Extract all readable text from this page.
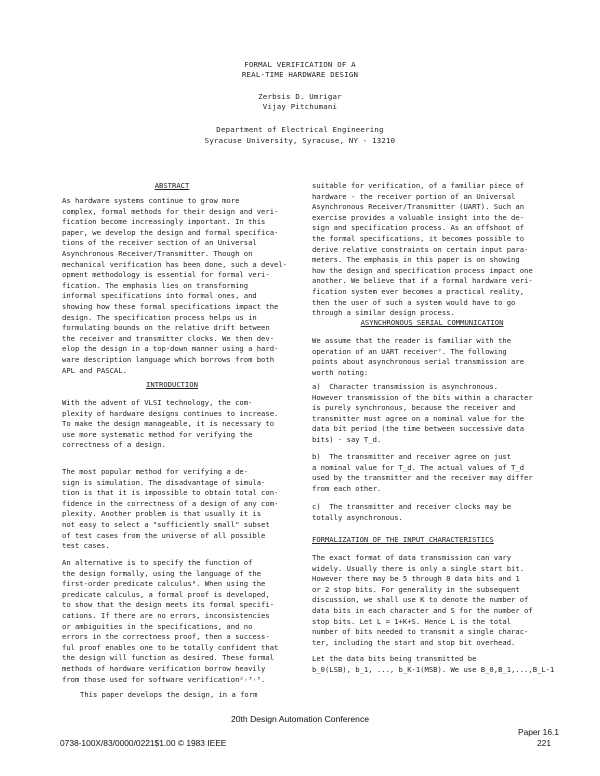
FORMAL VERIFICATION OF A
REAL-TIME HARDWARE DESIGN
Zerbsis D. Umrigar
Vijay Pitchumani
Department of Electrical Engineering
Syracuse University, Syracuse, NY - 13210
ABSTRACT
As hardware systems continue to grow more
complex, formal methods for their design and veri-
fication become increasingly important. In this
paper, we develop the design and formal specifica-
tions of the receiver section of an Universal
Asynchronous Receiver/Transmitter. Though on
mechanical verification has been done, such a devel-
opment methodology is essential for formal veri-
fication. The emphasis lies on transforming
informal specifications into formal ones, and
showing how these formal specifications impact the
design. The specification process helps us in
formulating bounds on the relative drift between
the receiver and transmitter clocks. We then dev-
elop the design in a top-down manner using a hard-
ware description language which borrows from both
APL and PASCAL.
INTRODUCTION
With the advent of VLSI technology, the com-
plexity of hardware designs continues to increase.
To make the design manageable, it is necessary to
use more systematic method for verifying the
correctness of a design.
The most popular method for verifying a de-
sign is simulation. The disadvantage of simula-
tion is that it is impossible to obtain total con-
fidence in the correctness of a design of any com-
plexity. Another problem is that usually it is
not easy to select a "sufficiently small" subset
of test cases from the universe of all possible
test cases.
An alternative is to specify the function of
the design formally, using the language of the
first-order predicate calculus⁶. When using the
predicate calculus, a formal proof is developed,
to show that the design meets its formal specifi-
cations. If there are no errors, inconsistencies
or ambiguities in the specifications, and no
errors in the correctness proof, then a success-
ful proof enables one to be totally confident that
the design will function as desired. These formal
methods of hardware verification borrow heavily
from those used for software verification²˒³˒⁵.
This paper develops the design, in a form
suitable for verification, of a familiar piece of
hardware - the receiver portion of an Universal
Asynchronous Receiver/Transmitter (UART). Such an
exercise provides a valuable insight into the de-
sign and specification process. As an offshoot of
the formal specifications, it becomes possible to
derive relative constraints on certain input para-
meters. The emphasis in this paper is on showing
how the design and specification process impact one
another. We believe that if a formal hardware veri-
fication system ever becomes a practical reality,
then the user of such a system would have to go
through a similar design process.
ASYNCHRONOUS SERIAL COMMUNICATION
We assume that the reader is familiar with the
operation of an UART receiver⁷. The following
points about asynchronous serial transmission are
worth noting:
a)  Character transmission is asynchronous.
However transmission of the bits within a character
is purely synchronous, because the receiver and
transmitter must agree on a nominal value for the
data bit period (the time between successive data
bits) - say T_d.
b)  The transmitter and receiver agree on just
a nominal value for T_d. The actual values of T_d
used by the transmitter and the receiver may differ
from each other.
c)  The transmitter and receiver clocks may be
totally asynchronous.
FORMALIZATION OF THE INPUT CHARACTERISTICS
The exact format of data transmission can vary
widely. Usually there is only a single start bit.
However there may be 5 through 8 data bits and 1
or 2 stop bits. For generality in the subsequent
discussion, we shall use K to denote the number of
data bits in each character and S for the number of
stop bits. Let L = 1+K+S. Hence L is the total
number of bits needed to transmit a single charac-
ter, including the start and stop bit overhead.
Let the data bits being transmitted be
b_0(LSB), b_1, ..., b_K-1(MSB). We use B_0,B_1,...,B_L-1
20th Design Automation Conference
Paper 16.1
221
0738-100X/83/0000/0221$1.00 © 1983 IEEE
